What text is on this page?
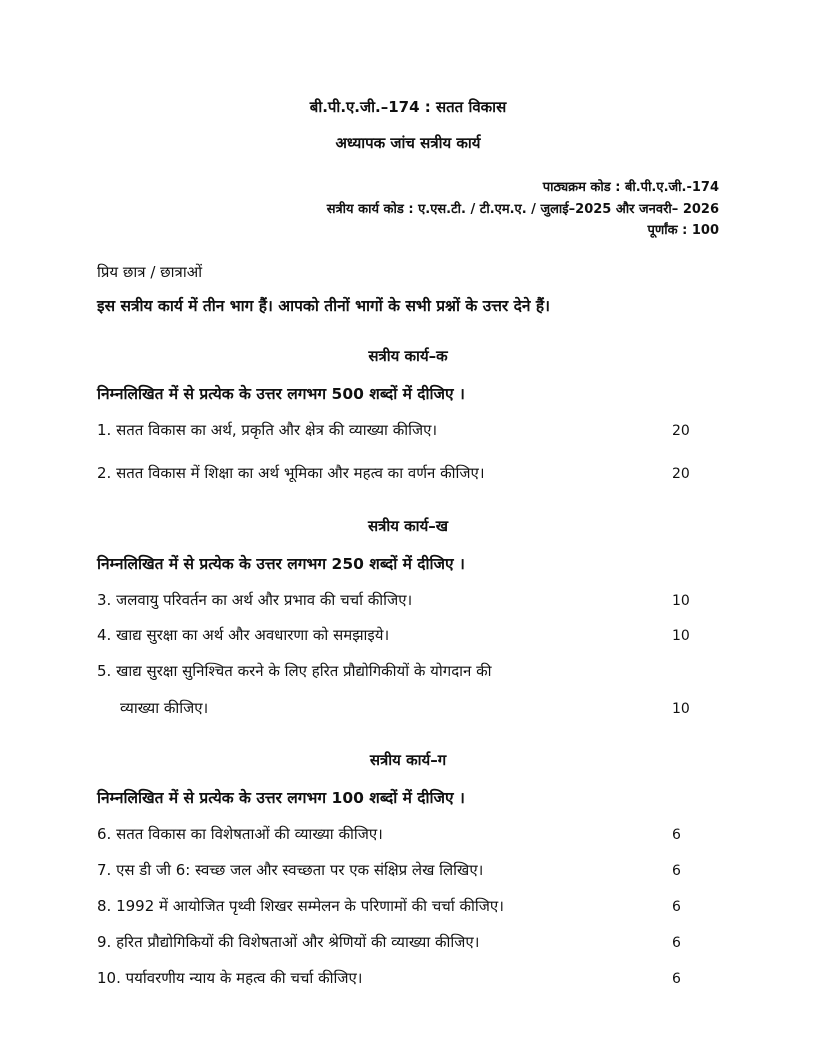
बी.पी.ए.जी.–174 : सतत विकास
अध्यापक जांच सत्रीय कार्य
पाठ्यक्रम कोड : बी.पी.ए.जी.-174
सत्रीय कार्य कोड : ए.एस.टी. / टी.एम.ए. / जुलाई–2025 और जनवरी– 2026
पूर्णांक : 100
प्रिय छात्र / छात्राओं
इस सत्रीय कार्य में तीन भाग हैं। आपको तीनों भागों के सभी प्रश्नों के उत्तर देने हैं।
सत्रीय कार्य–क
निम्नलिखित में से प्रत्येक के उत्तर लगभग 500 शब्दों में दीजिए ।
1. सतत विकास का अर्थ, प्रकृति और क्षेत्र की व्याख्या कीजिए।	20
2. सतत विकास में शिक्षा का अर्थ भूमिका और महत्व का वर्णन कीजिए।	20
सत्रीय कार्य–ख
निम्नलिखित में से प्रत्येक के उत्तर लगभग 250 शब्दों में दीजिए ।
3. जलवायु परिवर्तन का अर्थ और प्रभाव की चर्चा कीजिए।	10
4. खाद्य सुरक्षा का अर्थ और अवधारणा को समझाइये।	10
5. खाद्य सुरक्षा सुनिश्चित करने के लिए हरित प्रौद्योगिकीयों के योगदान की
व्याख्या कीजिए।	10
सत्रीय कार्य–ग
निम्नलिखित में से प्रत्येक के उत्तर लगभग 100 शब्दों में दीजिए ।
6. सतत विकास का विशेषताओं की व्याख्या कीजिए।	6
7. एस डी जी 6: स्वच्छ जल और स्वच्छता पर एक संक्षिप्र लेख लिखिए।	6
8. 1992 में आयोजित पृथ्वी शिखर सम्मेलन के परिणामों की चर्चा कीजिए।	6
9. हरित प्रौद्योगिकियों की विशेषताओं और श्रेणियों की व्याख्या कीजिए।	6
10. पर्यावरणीय न्याय के महत्व की चर्चा कीजिए।	6
